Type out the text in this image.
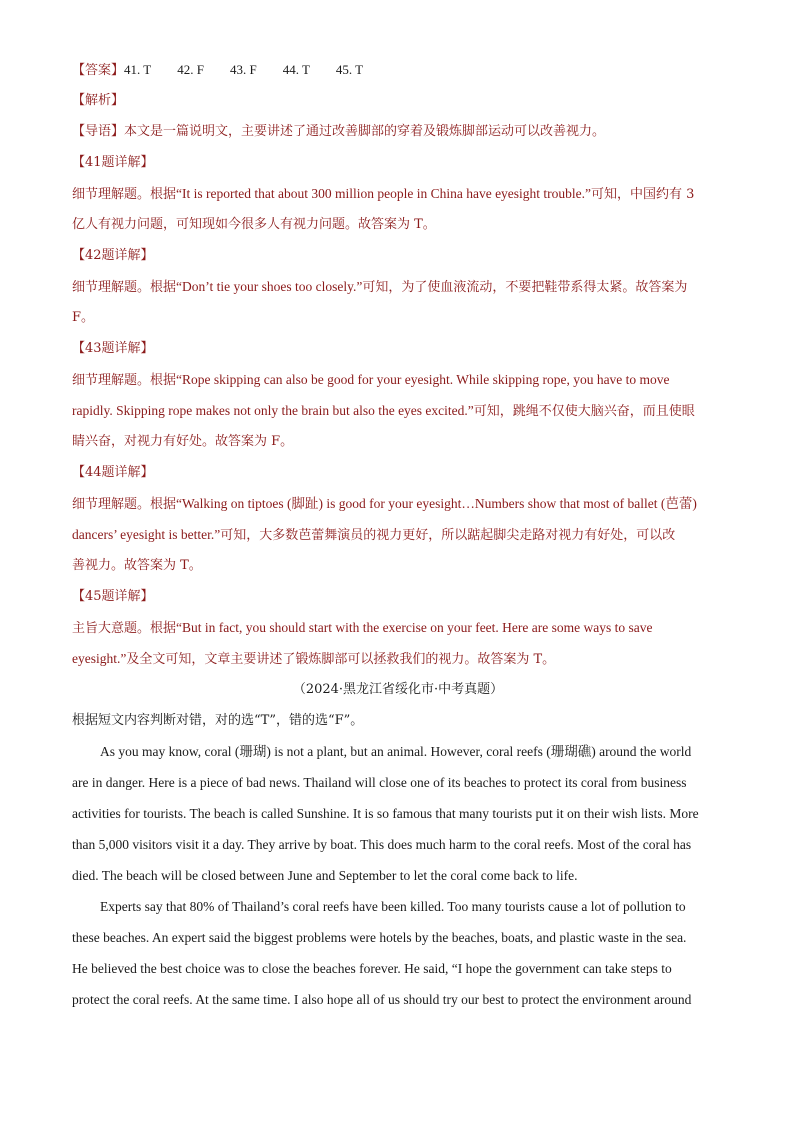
【答案】41. T 42. F 43. F 44. T 45. T
【解析】
【导语】本文是一篇说明文，主要讲述了通过改善脚部的穿着及锻炼脚部运动可以改善视力。
【41题详解】
细节理解题。根据“It is reported that about 300 million people in China have eyesight trouble.”可知，中国约有 3
亿人有视力问题，可知现如今很多人有视力问题。故答案为 T。
【42题详解】
细节理解题。根据“Don’t tie your shoes too closely.”可知，为了使血液流动，不要把鞋带系得太紧。故答案为
F。
【43题详解】
细节理解题。根据“Rope skipping can also be good for your eyesight. While skipping rope, you have to move
rapidly. Skipping rope makes not only the brain but also the eyes excited.”可知，跳绳不仅使大脑兴奋，而且使眼
睛兴奋，对视力有好处。故答案为 F。
【44题详解】
细节理解题。根据“Walking on tiptoes (脚趾) is good for your eyesight…Numbers show that most of ballet (芭蕾)
dancers’ eyesight is better.”可知，大多数芭蕾舞演员的视力更好，所以踮起脚尖走路对视力有好处，可以改
善视力。故答案为 T。
【45题详解】
主旨大意题。根据“But in fact, you should start with the exercise on your feet. Here are some ways to save
eyesight.”及全文可知，文章主要讲述了锻炼脚部可以拯救我们的视力。故答案为 T。
（2024·黑龙江省绥化市·中考真题）
根据短文内容判断对错，对的选“T”，错的选“F”。
As you may know, coral (珊瑚) is not a plant, but an animal. However, coral reefs (珊瑚礁) around the world
are in danger. Here is a piece of bad news. Thailand will close one of its beaches to protect its coral from business
activities for tourists. The beach is called Sunshine. It is so famous that many tourists put it on their wish lists. More
than 5,000 visitors visit it a day. They arrive by boat. This does much harm to the coral reefs. Most of the coral has
died. The beach will be closed between June and September to let the coral come back to life.
Experts say that 80% of Thailand’s coral reefs have been killed. Too many tourists cause a lot of pollution to
these beaches. An expert said the biggest problems were hotels by the beaches, boats, and plastic waste in the sea.
He believed the best choice was to close the beaches forever. He said, “I hope the government can take steps to
protect the coral reefs. At the same time. I also hope all of us should try our best to protect the environment around
